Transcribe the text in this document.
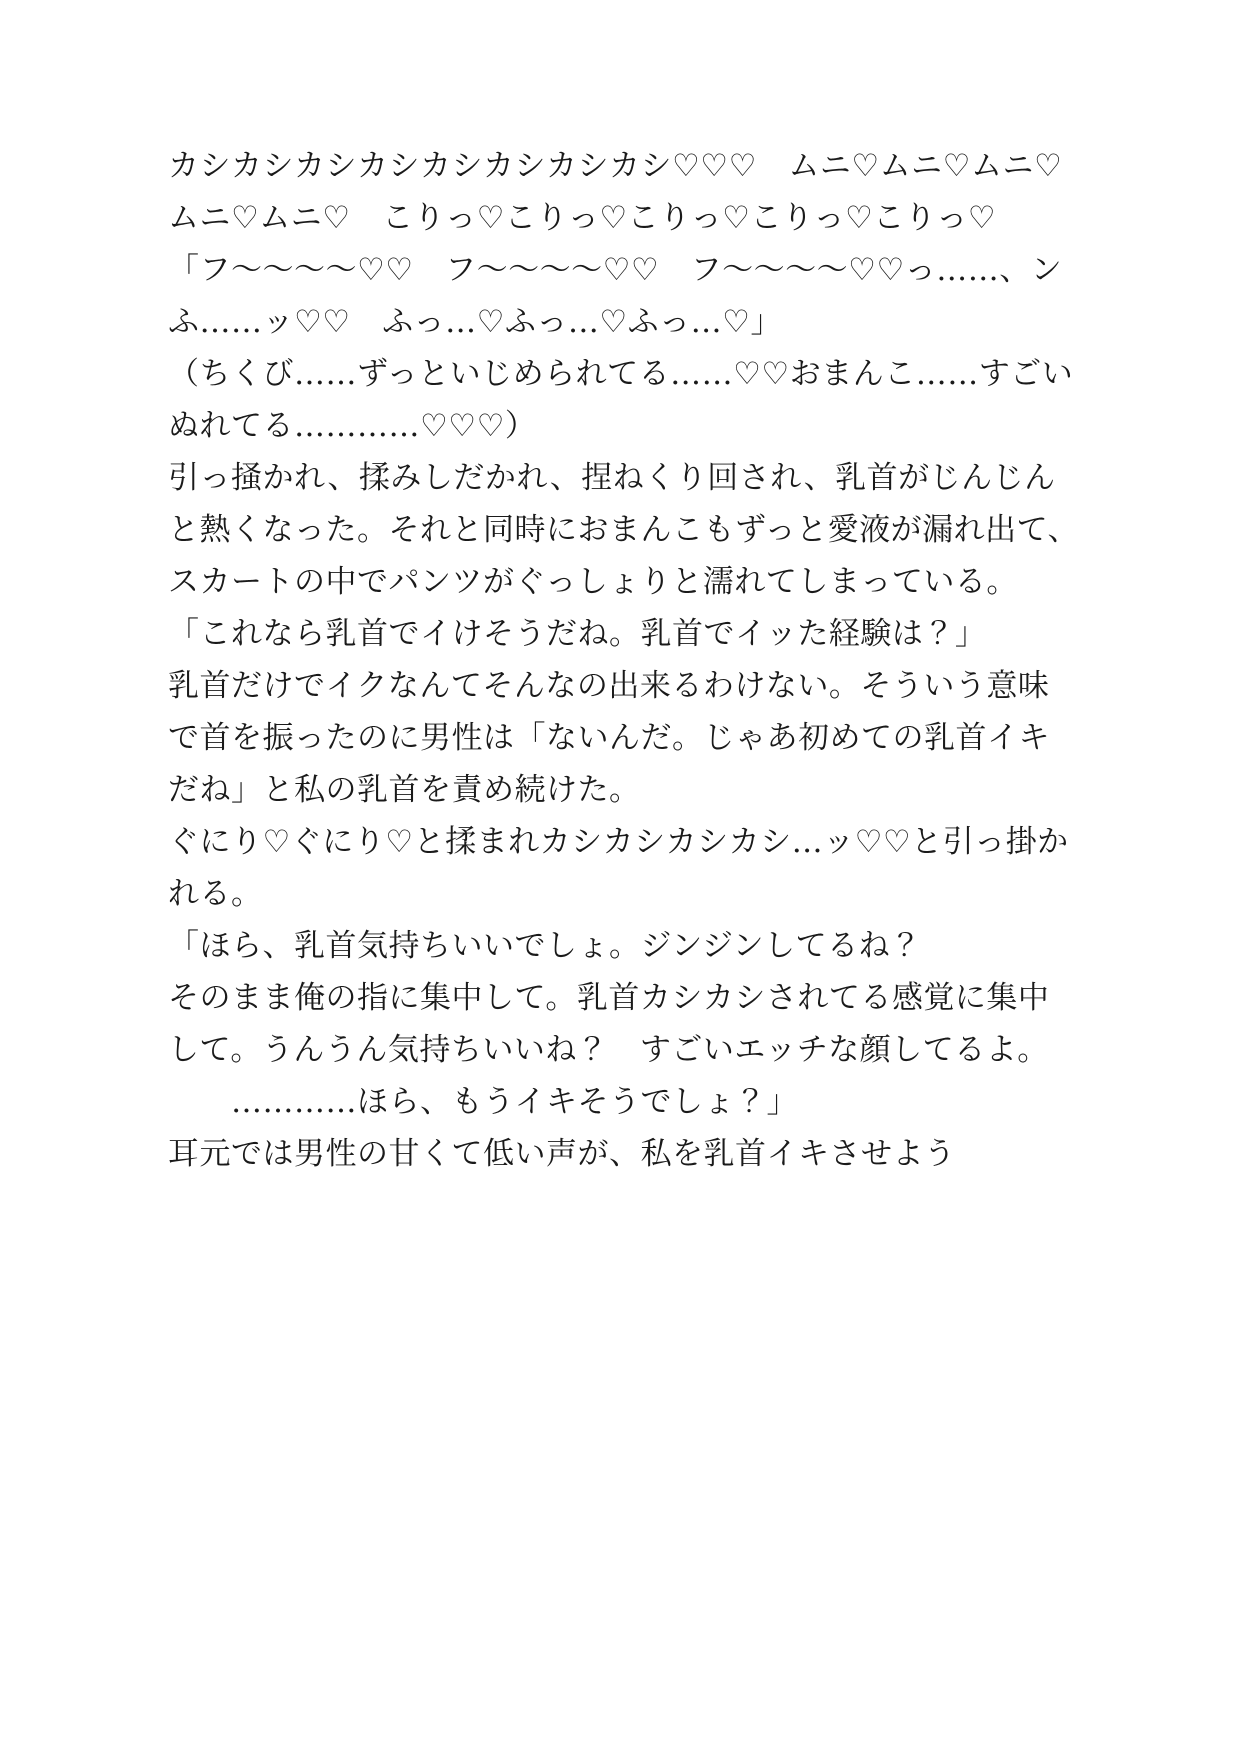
カシカシカシカシカシカシカシカシ♡♡♡　ムニ♡ムニ♡ムニ♡ムニ♡ムニ♡　こりっ♡こりっ♡こりっ♡こりっ♡こりっ♡

「フ〜〜〜〜♡♡　フ〜〜〜〜♡♡　フ〜〜〜〜♡♡っ……、ンふ……ッ♡♡　ふっ…♡ふっ…♡ふっ…♡」

（ちくび……ずっといじめられてる……♡♡おまんこ……すごいぬれてる…………♡♡♡）

引っ掻かれ、揉みしだかれ、捏ねくり回され、乳首がじんじんと熱くなった。それと同時におまんこもずっと愛液が漏れ出て、スカートの中でパンツがぐっしょりと濡れてしまっている。

「これなら乳首でイけそうだね。乳首でイッた経験は？」

乳首だけでイクなんてそんなの出来るわけない。そういう意味で首を振ったのに男性は「ないんだ。じゃあ初めての乳首イキだね」と私の乳首を責め続けた。

ぐにり♡ぐにり♡と揉まれカシカシカシカシ…ッ♡♡と引っ掛かれる。

「ほら、乳首気持ちいいでしょ。ジンジンしてるね？

そのまま俺の指に集中して。乳首カシカシされてる感覚に集中して。うんうん気持ちいいね？　すごいエッチな顔してるよ。

　　…………ほら、もうイキそうでしょ？」

耳元では男性の甘くて低い声が、私を乳首イキさせよう
